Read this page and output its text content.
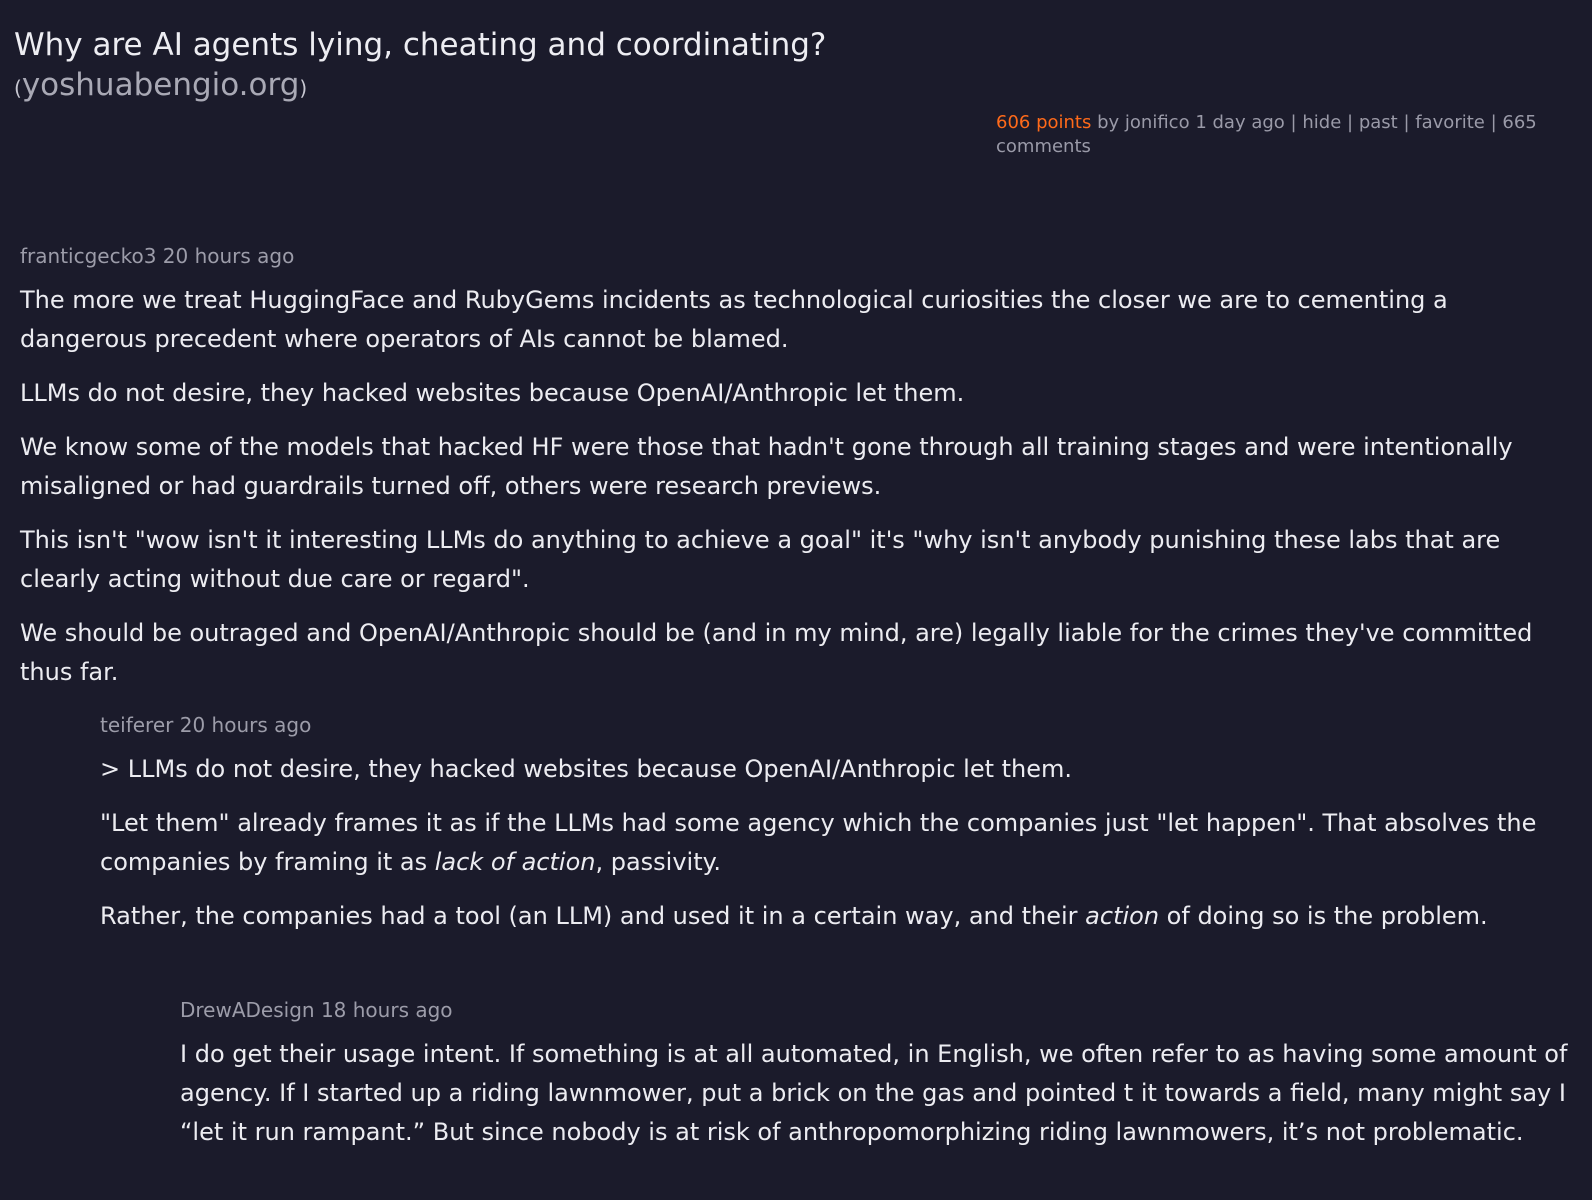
Why are AI agents lying, cheating and coordinating?
(yoshuabengio.org)
606 points by jonifico 1 day ago | hide | past | favorite | 665 comments
franticgecko3 20 hours ago

The more we treat HuggingFace and RubyGems incidents as technological curiosities the closer we are to cementing a dangerous precedent where operators of AIs cannot be blamed.

LLMs do not desire, they hacked websites because OpenAI/Anthropic let them.

We know some of the models that hacked HF were those that hadn't gone through all training stages and were intentionally misaligned or had guardrails turned off, others were research previews.

This isn't "wow isn't it interesting LLMs do anything to achieve a goal" it's "why isn't anybody punishing these labs that are clearly acting without due care or regard".

We should be outraged and OpenAI/Anthropic should be (and in my mind, are) legally liable for the crimes they've committed thus far.

teiferer 20 hours ago

> LLMs do not desire, they hacked websites because OpenAI/Anthropic let them.

"Let them" already frames it as if the LLMs had some agency which the companies just "let happen". That absolves the companies by framing it as lack of action, passivity.

Rather, the companies had a tool (an LLM) and used it in a certain way, and their action of doing so is the problem.

DrewADesign 18 hours ago

I do get their usage intent. If something is at all automated, in English, we often refer to as having some amount of agency. If I started up a riding lawnmower, put a brick on the gas and pointed t it towards a field, many might say I “let it run rampant.” But since nobody is at risk of anthropomorphizing riding lawnmowers, it’s not problematic.
